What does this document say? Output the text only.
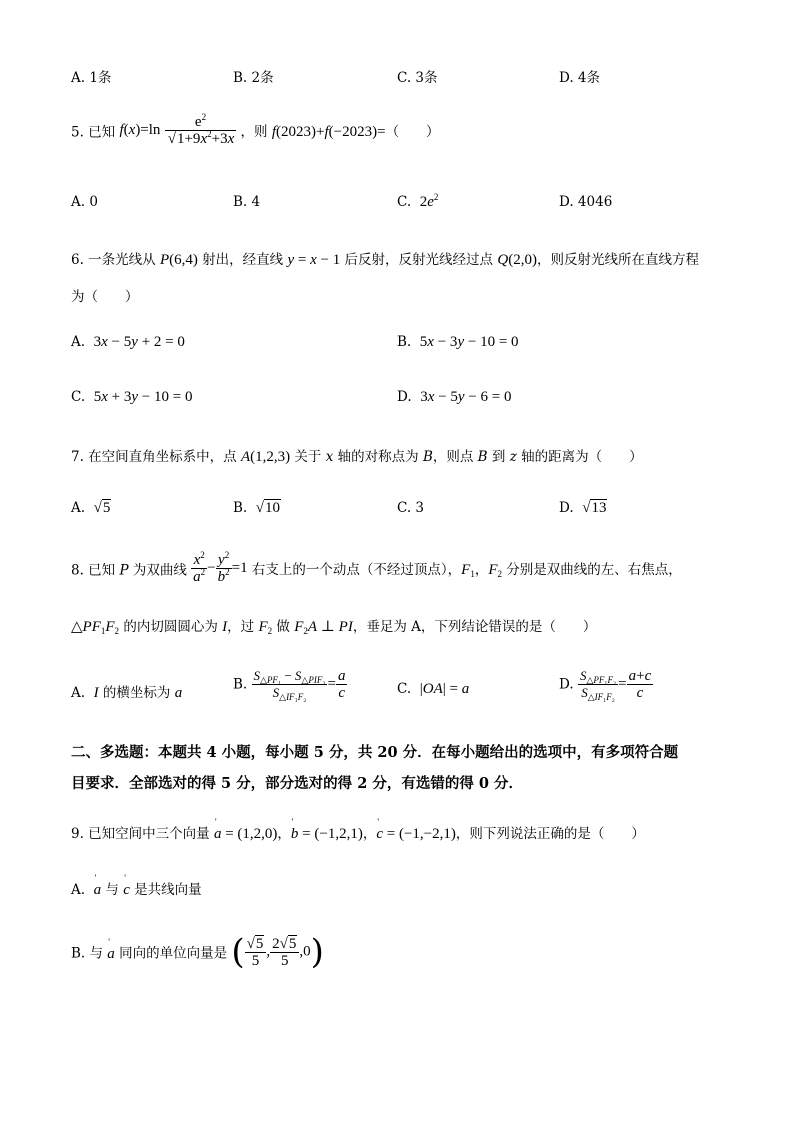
A. 1条	B. 2条	C. 3条	D. 4条
5. 已知 $f(x)=\ln \frac{e^2}{√1+9x^2+3x}$ ，则 f(2023)+f(−2023)=（　　）
A. 0	B. 4	C.  $2e^2$	D. 4046
6. 一条光线从 P(6,4) 射出，经直线 y = x − 1 后反射，反射光线经过点 Q(2,0)，则反射光线所在直线方程
为（　　）
A.  3x − 5y + 2 = 0	B.  5x − 3y − 10 = 0
C.  5x + 3y − 10 = 0	D.  3x − 5y − 6 = 0
7. 在空间直角坐标系中，点 A(1,2,3) 关于 x 轴的对称点为 B，则点 B 到 z 轴的距离为（　　）
A.  √5	B.  √10	C. 3	D.  √13
8. 已知 P 为双曲线 $\frac{x^2}{a^2} - \frac{y^2}{b^2} =1$ 右支上的一个动点（不经过顶点），$F_1$，$F_2$ 分别是双曲线的左、右焦点，
$\triangle PF_1F_2$ 的内切圆圆心为 I，过 $F_2$ 做 $F_2A$ ⊥ PI，垂足为 A，下列结论错误的是（　　）
A.  I 的横坐标为 a
B. $\frac{S_{\triangle PF_1} - S_{\triangle PIF_2}}{S_{\triangle IF_1F_2}} = \frac{a}{c}$	C.  |OA| = a	D. $\frac{S_{\triangle PF_1F_2}}{S_{\triangle IF_1F_2}} = \frac{a+c}{c}$
二、多选题：本题共 4 小题，每小题 5 分，共 20 分．在每小题给出的选项中，有多项符合题
目要求．全部选对的得 5 分，部分选对的得 2 分，有选错的得 0 分．
9. 已知空间中三个向量 ' a = (1,2,0)，' b = (−1,2,1)，' c = (−1,−2,1)，则下列说法正确的是（　　）
A.  ' a 与 ' c 是共线向量
B. 与 ' a 同向的单位向量是 ( $\frac{√5}{5}$ , $\frac{2√5}{5} ,0$)
